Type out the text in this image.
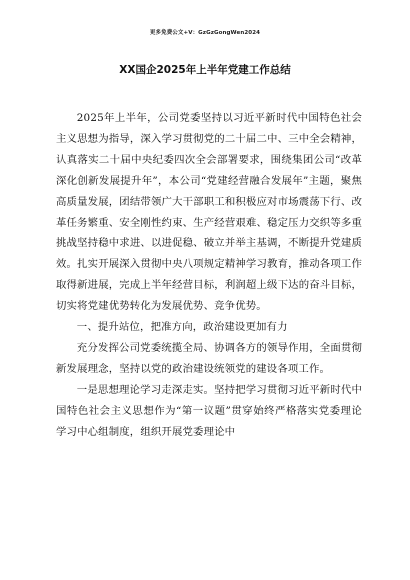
更多免费公文+V：GzGzGongWen2024
XX国企2025年上半年党建工作总结

2025年上半年，公司党委坚持以习近平新时代中国特色社会主义思想为指导，深入学习贯彻党的二十届二中、三中全会精神，认真落实二十届中央纪委四次全会部署要求，围绕集团公司“改革深化创新发展提升年”，本公司“党建经营融合发展年”主题，聚焦高质量发展，团结带领广大干部职工和积极应对市场震荡下行、改革任务繁重、安全刚性约束、生产经营艰难、稳定压力交织等多重挑战坚持稳中求进、以进促稳、破立并举主基调，不断提升党建质效。扎实开展深入贯彻中央八项规定精神学习教育，推动各项工作取得新进展，完成上半年经营目标，利润超上级下达的奋斗目标，切实将党建优势转化为发展优势、竞争优势。

一、提升站位，把准方向，政治建设更加有力

充分发挥公司党委统揽全局、协调各方的领导作用，全面贯彻新发展理念，坚持以党的政治建设统领党的建设各项工作。

一是思想理论学习走深走实。坚持把学习贯彻习近平新时代中国特色社会主义思想作为“第一议题”贯穿始终严格落实党委理论学习中心组制度，组织开展党委理论中
